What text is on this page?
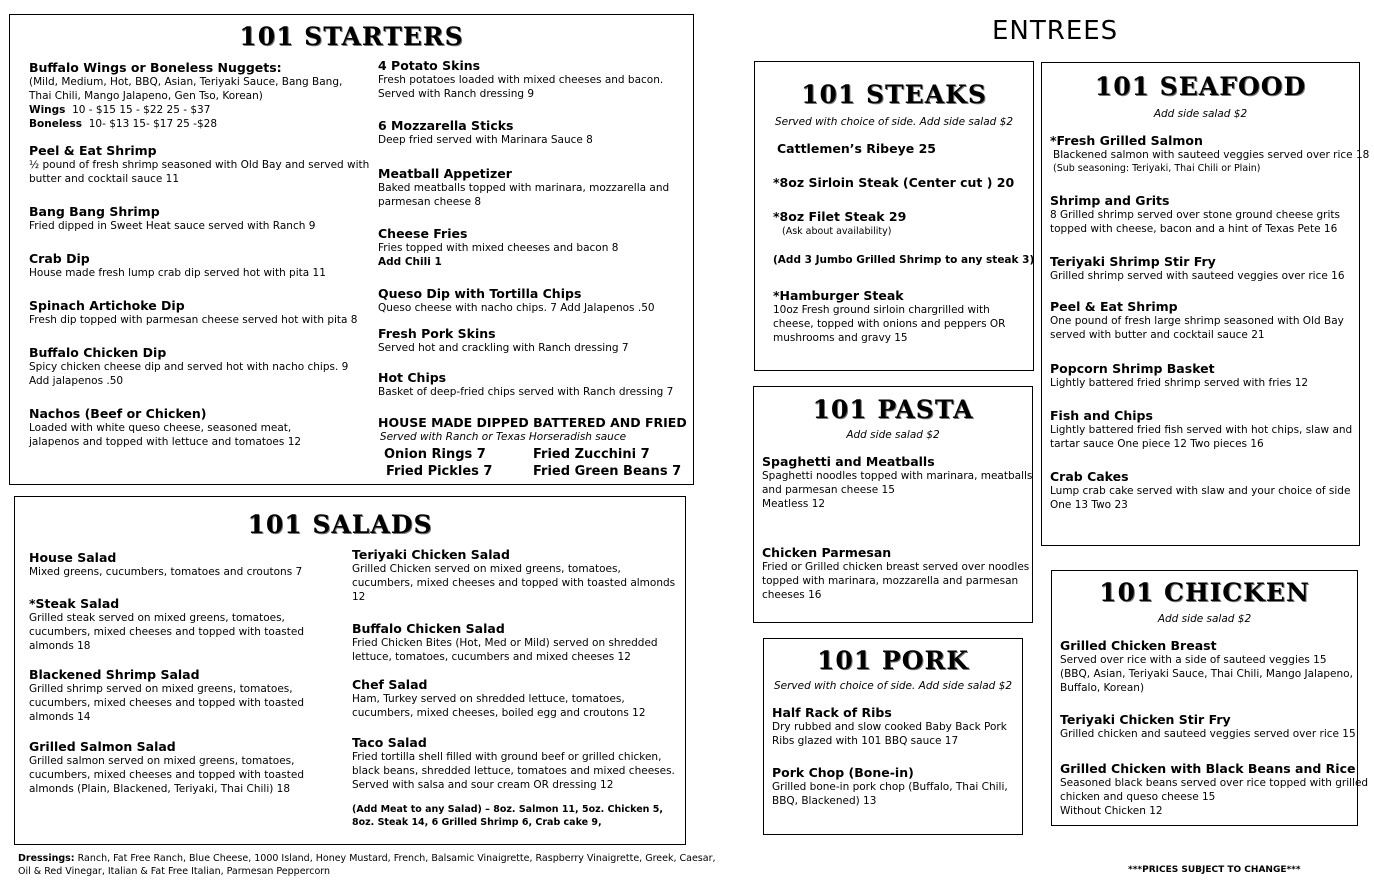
101 STARTERS
Buffalo Wings or Boneless Nuggets:
(Mild, Medium, Hot, BBQ, Asian, Teriyaki Sauce, Bang Bang,
Thai Chili, Mango Jalapeno, Gen Tso, Korean)
Wings 10 - $15 15 - $22 25 - $37
Boneless 10- $13 15- $17 25 -$28
Peel & Eat Shrimp
½ pound of fresh shrimp seasoned with Old Bay and served with
butter and cocktail sauce 11
Bang Bang Shrimp
Fried dipped in Sweet Heat sauce served with Ranch 9
Crab Dip
House made fresh lump crab dip served hot with pita 11
Spinach Artichoke Dip
Fresh dip topped with parmesan cheese served hot with pita 8
Buffalo Chicken Dip
Spicy chicken cheese dip and served hot with nacho chips. 9
Add jalapenos .50
Nachos (Beef or Chicken)
Loaded with white queso cheese, seasoned meat,
jalapenos and topped with lettuce and tomatoes 12
4 Potato Skins
Fresh potatoes loaded with mixed cheeses and bacon.
Served with Ranch dressing 9
6 Mozzarella Sticks
Deep fried served with Marinara Sauce 8
Meatball Appetizer
Baked meatballs topped with marinara, mozzarella and
parmesan cheese 8
Cheese Fries
Fries topped with mixed cheeses and bacon 8
Add Chili 1
Queso Dip with Tortilla Chips
Queso cheese with nacho chips. 7 Add Jalapenos .50
Fresh Pork Skins
Served hot and crackling with Ranch dressing 7
Hot Chips
Basket of deep-fried chips served with Ranch dressing 7
HOUSE MADE DIPPED BATTERED AND FRIED
Served with Ranch or Texas Horseradish sauce
Onion Rings 7	Fried Zucchini 7
Fried Pickles 7	Fried Green Beans 7
101 SALADS
House Salad
Mixed greens, cucumbers, tomatoes and croutons 7
*Steak Salad
Grilled steak served on mixed greens, tomatoes,
cucumbers, mixed cheeses and topped with toasted
almonds 18
Blackened Shrimp Salad
Grilled shrimp served on mixed greens, tomatoes,
cucumbers, mixed cheeses and topped with toasted
almonds 14
Grilled Salmon Salad
Grilled salmon served on mixed greens, tomatoes,
cucumbers, mixed cheeses and topped with toasted
almonds (Plain, Blackened, Teriyaki, Thai Chili) 18
Teriyaki Chicken Salad
Grilled Chicken served on mixed greens, tomatoes,
cucumbers, mixed cheeses and topped with toasted almonds
12
Buffalo Chicken Salad
Fried Chicken Bites (Hot, Med or Mild) served on shredded
lettuce, tomatoes, cucumbers and mixed cheeses 12
Chef Salad
Ham, Turkey served on shredded lettuce, tomatoes,
cucumbers, mixed cheeses, boiled egg and croutons 12
Taco Salad
Fried tortilla shell filled with ground beef or grilled chicken,
black beans, shredded lettuce, tomatoes and mixed cheeses.
Served with salsa and sour cream OR dressing 12
(Add Meat to any Salad) – 8oz. Salmon 11, 5oz. Chicken 5,
8oz. Steak 14, 6 Grilled Shrimp 6, Crab cake 9,
Dressings: Ranch, Fat Free Ranch, Blue Cheese, 1000 Island, Honey Mustard, French, Balsamic Vinaigrette, Raspberry Vinaigrette, Greek, Caesar,
Oil & Red Vinegar, Italian & Fat Free Italian, Parmesan Peppercorn
ENTREES
101 STEAKS
Served with choice of side. Add side salad $2
Cattlemen’s Ribeye 25
*8oz Sirloin Steak (Center cut ) 20
*8oz Filet Steak 29
(Ask about availability)
(Add 3 Jumbo Grilled Shrimp to any steak 3)
*Hamburger Steak
10oz Fresh ground sirloin chargrilled with
cheese, topped with onions and peppers OR
mushrooms and gravy 15
101 PASTA
Add side salad $2
Spaghetti and Meatballs
Spaghetti noodles topped with marinara, meatballs
and parmesan cheese 15
Meatless 12
Chicken Parmesan
Fried or Grilled chicken breast served over noodles
topped with marinara, mozzarella and parmesan
cheeses 16
101 PORK
Served with choice of side. Add side salad $2
Half Rack of Ribs
Dry rubbed and slow cooked Baby Back Pork
Ribs glazed with 101 BBQ sauce 17
Pork Chop (Bone-in)
Grilled bone-in pork chop (Buffalo, Thai Chili,
BBQ, Blackened) 13
101 SEAFOOD
Add side salad $2
*Fresh Grilled Salmon
Blackened salmon with sauteed veggies served over rice 18
(Sub seasoning: Teriyaki, Thai Chili or Plain)
Shrimp and Grits
8 Grilled shrimp served over stone ground cheese grits
topped with cheese, bacon and a hint of Texas Pete 16
Teriyaki Shrimp Stir Fry
Grilled shrimp served with sauteed veggies over rice 16
Peel & Eat Shrimp
One pound of fresh large shrimp seasoned with Old Bay
served with butter and cocktail sauce 21
Popcorn Shrimp Basket
Lightly battered fried shrimp served with fries 12
Fish and Chips
Lightly battered fried fish served with hot chips, slaw and
tartar sauce One piece 12 Two pieces 16
Crab Cakes
Lump crab cake served with slaw and your choice of side
One 13 Two 23
101 CHICKEN
Add side salad $2
Grilled Chicken Breast
Served over rice with a side of sauteed veggies 15
(BBQ, Asian, Teriyaki Sauce, Thai Chili, Mango Jalapeno,
Buffalo, Korean)
Teriyaki Chicken Stir Fry
Grilled chicken and sauteed veggies served over rice 15
Grilled Chicken with Black Beans and Rice
Seasoned black beans served over rice topped with grilled
chicken and queso cheese 15
Without Chicken 12
***PRICES SUBJECT TO CHANGE***
